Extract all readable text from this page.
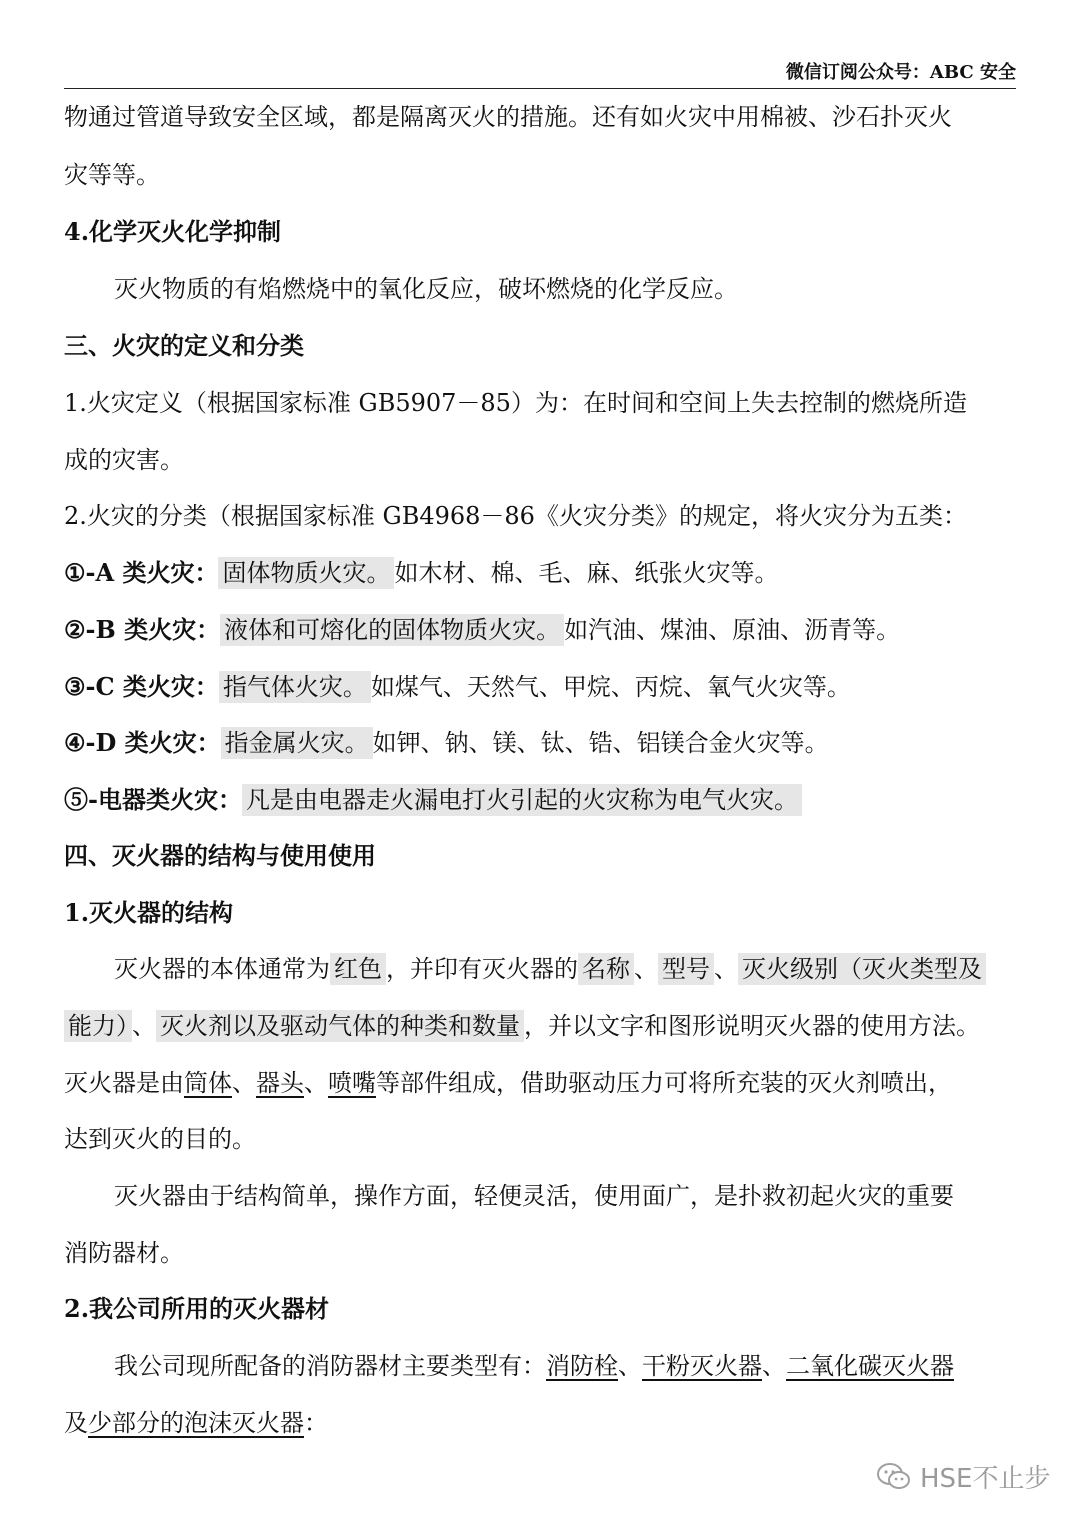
微信订阅公众号：ABC 安全
物通过管道导致安全区域，都是隔离灭火的措施。还有如火灾中用棉被、沙石扑灭火
灾等等。
4.化学灭火化学抑制
灭火物质的有焰燃烧中的氧化反应，破坏燃烧的化学反应。
三、火灾的定义和分类
1.火灾定义（根据国家标准 GB5907－85）为：在时间和空间上失去控制的燃烧所造
成的灾害。
2.火灾的分类（根据国家标准 GB4968－86《火灾分类》的规定，将火灾分为五类：
①-A 类火灾： 固体物质火灾。 如木材、棉、毛、麻、纸张火灾等。
②-B 类火灾： 液体和可熔化的固体物质火灾。 如汽油、煤油、原油、沥青等。
③-C 类火灾： 指气体火灾。 如煤气、天然气、甲烷、丙烷、氧气火灾等。
④-D 类火灾： 指金属火灾。 如钾、钠、镁、钛、锆、铝镁合金火灾等。
⑤-电器类火灾： 凡是由电器走火漏电打火引起的火灾称为电气火灾。
四、灭火器的结构与使用使用
1.灭火器的结构
灭火器的本体通常为 红色 ，并印有灭火器的 名称 、 型号 、 灭火级别（灭火类型及
能力） 、 灭火剂以及驱动气体的种类和数量 ，并以文字和图形说明灭火器的使用方法。
灭火器是由筒体、器头、喷嘴等部件组成，借助驱动压力可将所充装的灭火剂喷出，
达到灭火的目的。
灭火器由于结构简单，操作方面，轻便灵活，使用面广，是扑救初起火灾的重要
消防器材。
2.我公司所用的灭火器材
我公司现所配备的消防器材主要类型有：消防栓、干粉灭火器、二氧化碳灭火器
及少部分的泡沫灭火器：
HSE不止步
